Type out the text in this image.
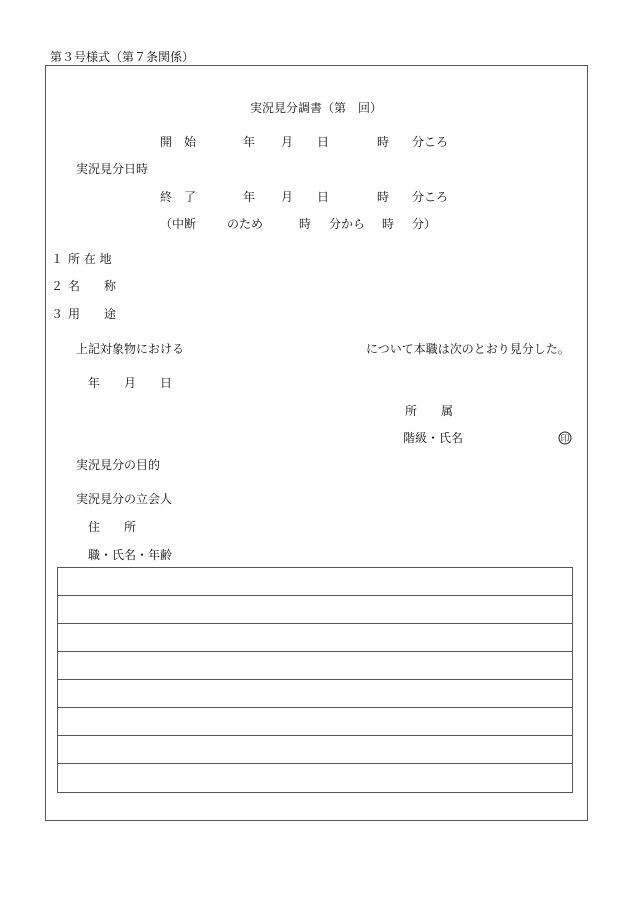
第３号様式（第７条関係）
実況見分調書（第　回）
開　始	年 月 日	時 分ころ
実況見分日時
終　了	年 月 日	時 分ころ
（中断	のため	時 分から 時 分）
１ 所 在 地
２ 名　　称
３ 用　　途
上記対象物における	について本職は次のとおり見分した。
年 月 日
所　　属
階級・氏名	印
実況見分の目的
実況見分の立会人
住　　所
職・氏名・年齢
